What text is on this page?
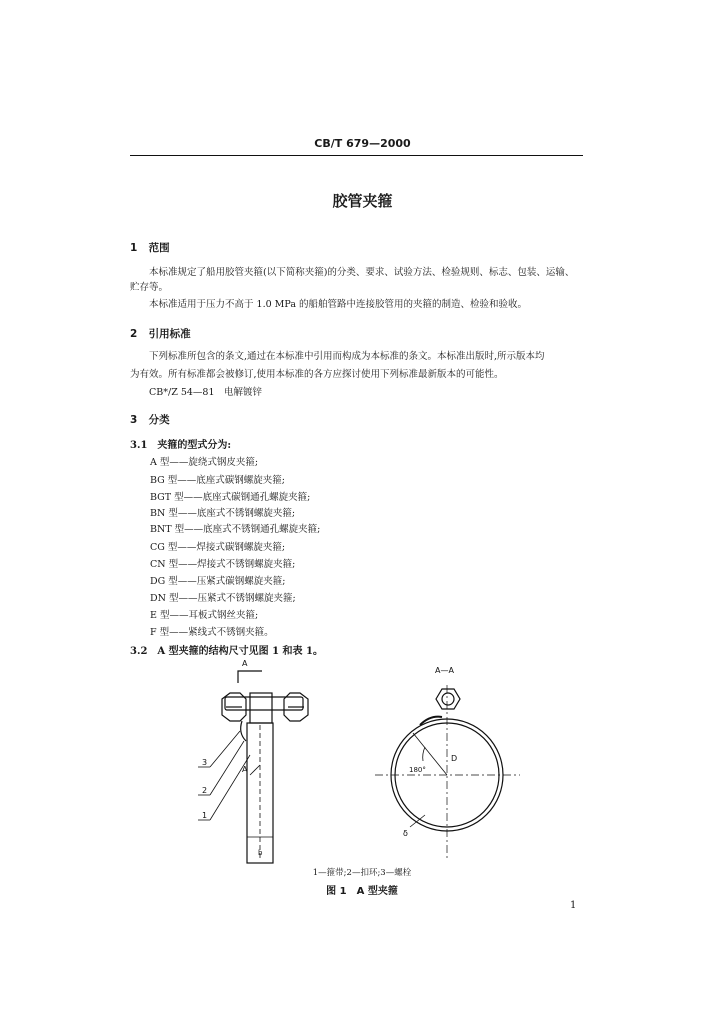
CB/T 679—2000
胶管夹箍
1 范围
本标准规定了船用胶管夹箍(以下简称夹箍)的分类、要求、试验方法、检验规则、标志、包装、运输、
贮存等。
本标准适用于压力不高于 1.0 MPa 的船舶管路中连接胶管用的夹箍的制造、检验和验收。
2 引用标准
下列标准所包含的条文,通过在本标准中引用而构成为本标准的条文。本标准出版时,所示版本均
为有效。所有标准都会被修订,使用本标准的各方应探讨使用下列标准最新版本的可能性。
CB*/Z 54—81　电解镀锌
3 分类
3.1　夹箍的型式分为:
A 型——旋绕式钢皮夹箍;
BG 型——底座式碳钢螺旋夹箍;
BGT 型——底座式碳钢通孔螺旋夹箍;
BN 型——底座式不锈钢螺旋夹箍;
BNT 型——底座式不锈钢通孔螺旋夹箍;
CG 型——焊接式碳钢螺旋夹箍;
CN 型——焊接式不锈钢螺旋夹箍;
DG 型——压紧式碳钢螺旋夹箍;
DN 型——压紧式不锈钢螺旋夹箍;
E 型——耳板式钢丝夹箍;
F 型——紧线式不锈钢夹箍。
3.2　A 型夹箍的结构尺寸见图 1 和表 1。
A
3
2
A
1
b
A—A
180°
D
δ
1—箍带;2—扣环;3—螺栓
图 1　A 型夹箍
1
